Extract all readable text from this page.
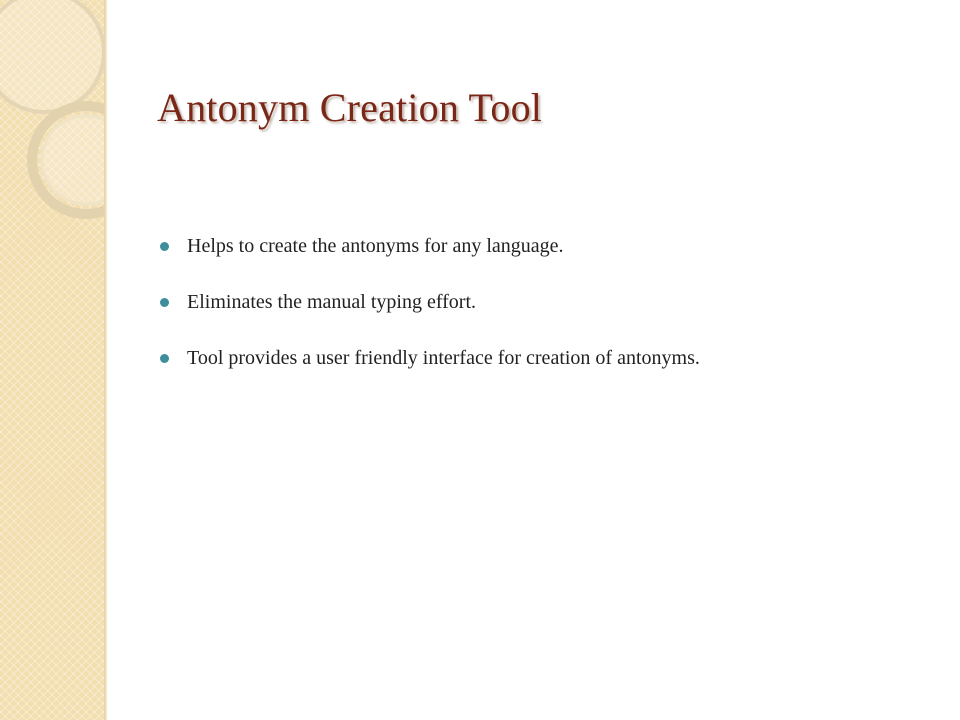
Antonym Creation Tool
Helps to create the antonyms for any language.
Eliminates the manual typing effort.
Tool provides a user friendly interface for creation of antonyms.
